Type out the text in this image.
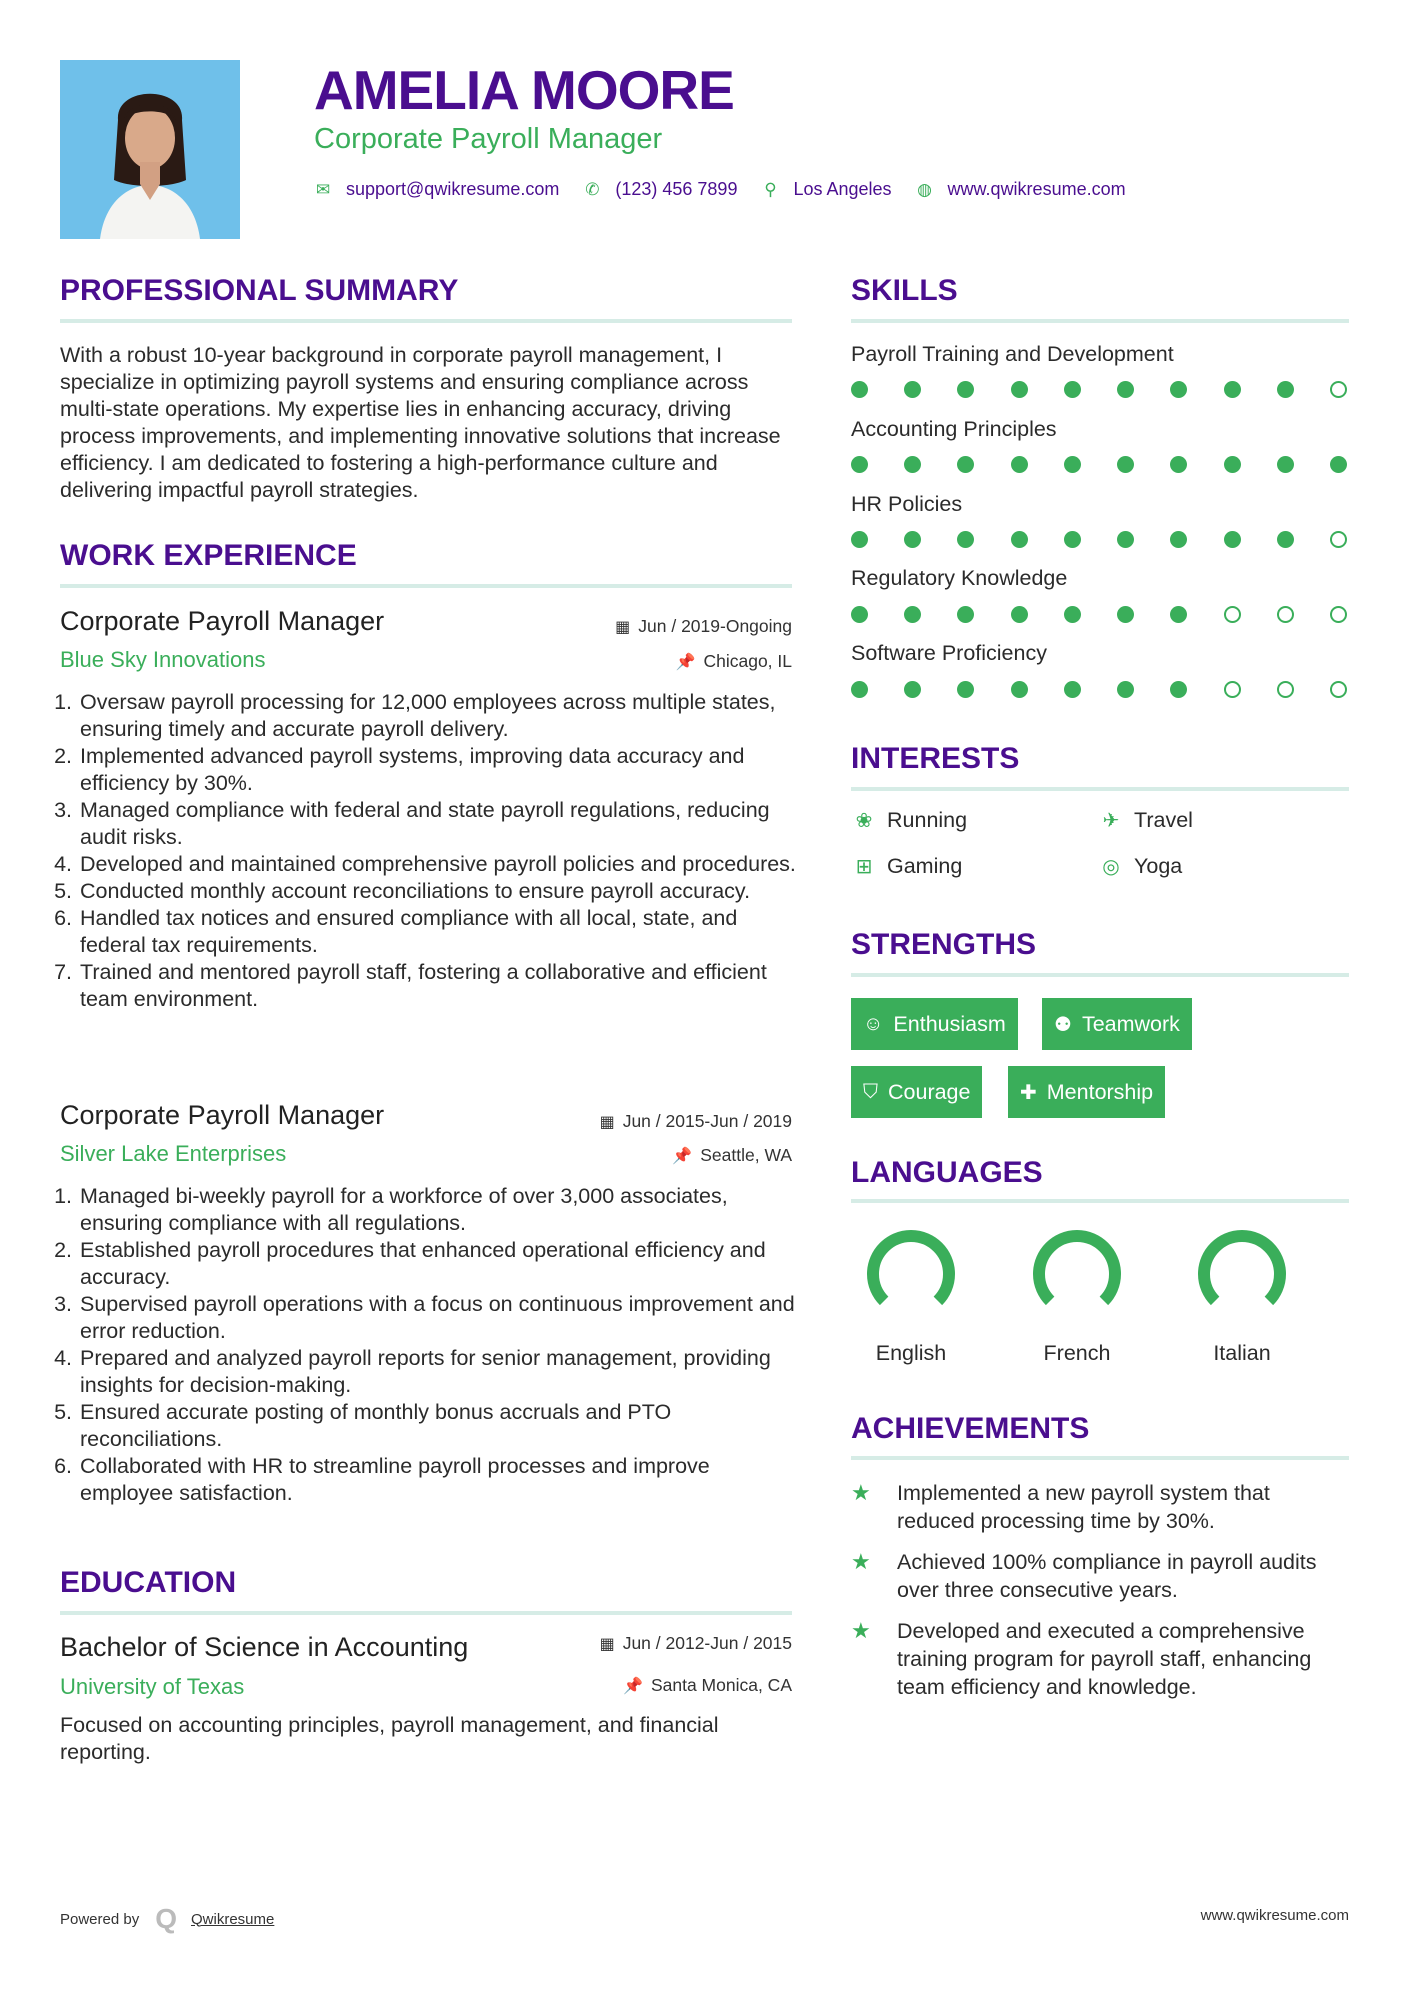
AMELIA MOORE
Corporate Payroll Manager
✉ support@qwikresume.com ✆ (123) 456 7899 ⚲ Los Angeles ◍ www.qwikresume.com
PROFESSIONAL SUMMARY
With a robust 10-year background in corporate payroll management, I specialize in optimizing payroll systems and ensuring compliance across multi-state operations. My expertise lies in enhancing accuracy, driving process improvements, and implementing innovative solutions that increase efficiency. I am dedicated to fostering a high-performance culture and delivering impactful payroll strategies.
WORK EXPERIENCE
Corporate Payroll Manager	▦ Jun / 2019-Ongoing
Blue Sky Innovations	📌 Chicago, IL
1. Oversaw payroll processing for 12,000 employees across multiple states, ensuring timely and accurate payroll delivery.
2. Implemented advanced payroll systems, improving data accuracy and efficiency by 30%.
3. Managed compliance with federal and state payroll regulations, reducing audit risks.
4. Developed and maintained comprehensive payroll policies and procedures.
5. Conducted monthly account reconciliations to ensure payroll accuracy.
6. Handled tax notices and ensured compliance with all local, state, and federal tax requirements.
7. Trained and mentored payroll staff, fostering a collaborative and efficient team environment.
Corporate Payroll Manager	▦ Jun / 2015-Jun / 2019
Silver Lake Enterprises	📌 Seattle, WA
1. Managed bi-weekly payroll for a workforce of over 3,000 associates, ensuring compliance with all regulations.
2. Established payroll procedures that enhanced operational efficiency and accuracy.
3. Supervised payroll operations with a focus on continuous improvement and error reduction.
4. Prepared and analyzed payroll reports for senior management, providing insights for decision-making.
5. Ensured accurate posting of monthly bonus accruals and PTO reconciliations.
6. Collaborated with HR to streamline payroll processes and improve employee satisfaction.
EDUCATION
Bachelor of Science in Accounting	▦ Jun / 2012-Jun / 2015
University of Texas	📌 Santa Monica, CA
Focused on accounting principles, payroll management, and financial reporting.
SKILLS
Payroll Training and Development
Accounting Principles
HR Policies
Regulatory Knowledge
Software Proficiency
INTERESTS
❀ Running	✈ Travel
⊞ Gaming	◎ Yoga
STRENGTHS
☺ Enthusiasm ⚉ Teamwork
⛉ Courage ✚ Mentorship
LANGUAGES
English	French	Italian
ACHIEVEMENTS
★	Implemented a new payroll system that reduced processing time by 30%.
★	Achieved 100% compliance in payroll audits over three consecutive years.
★	Developed and executed a comprehensive training program for payroll staff, enhancing team efficiency and knowledge.
Powered by Q Qwikresume	www.qwikresume.com
